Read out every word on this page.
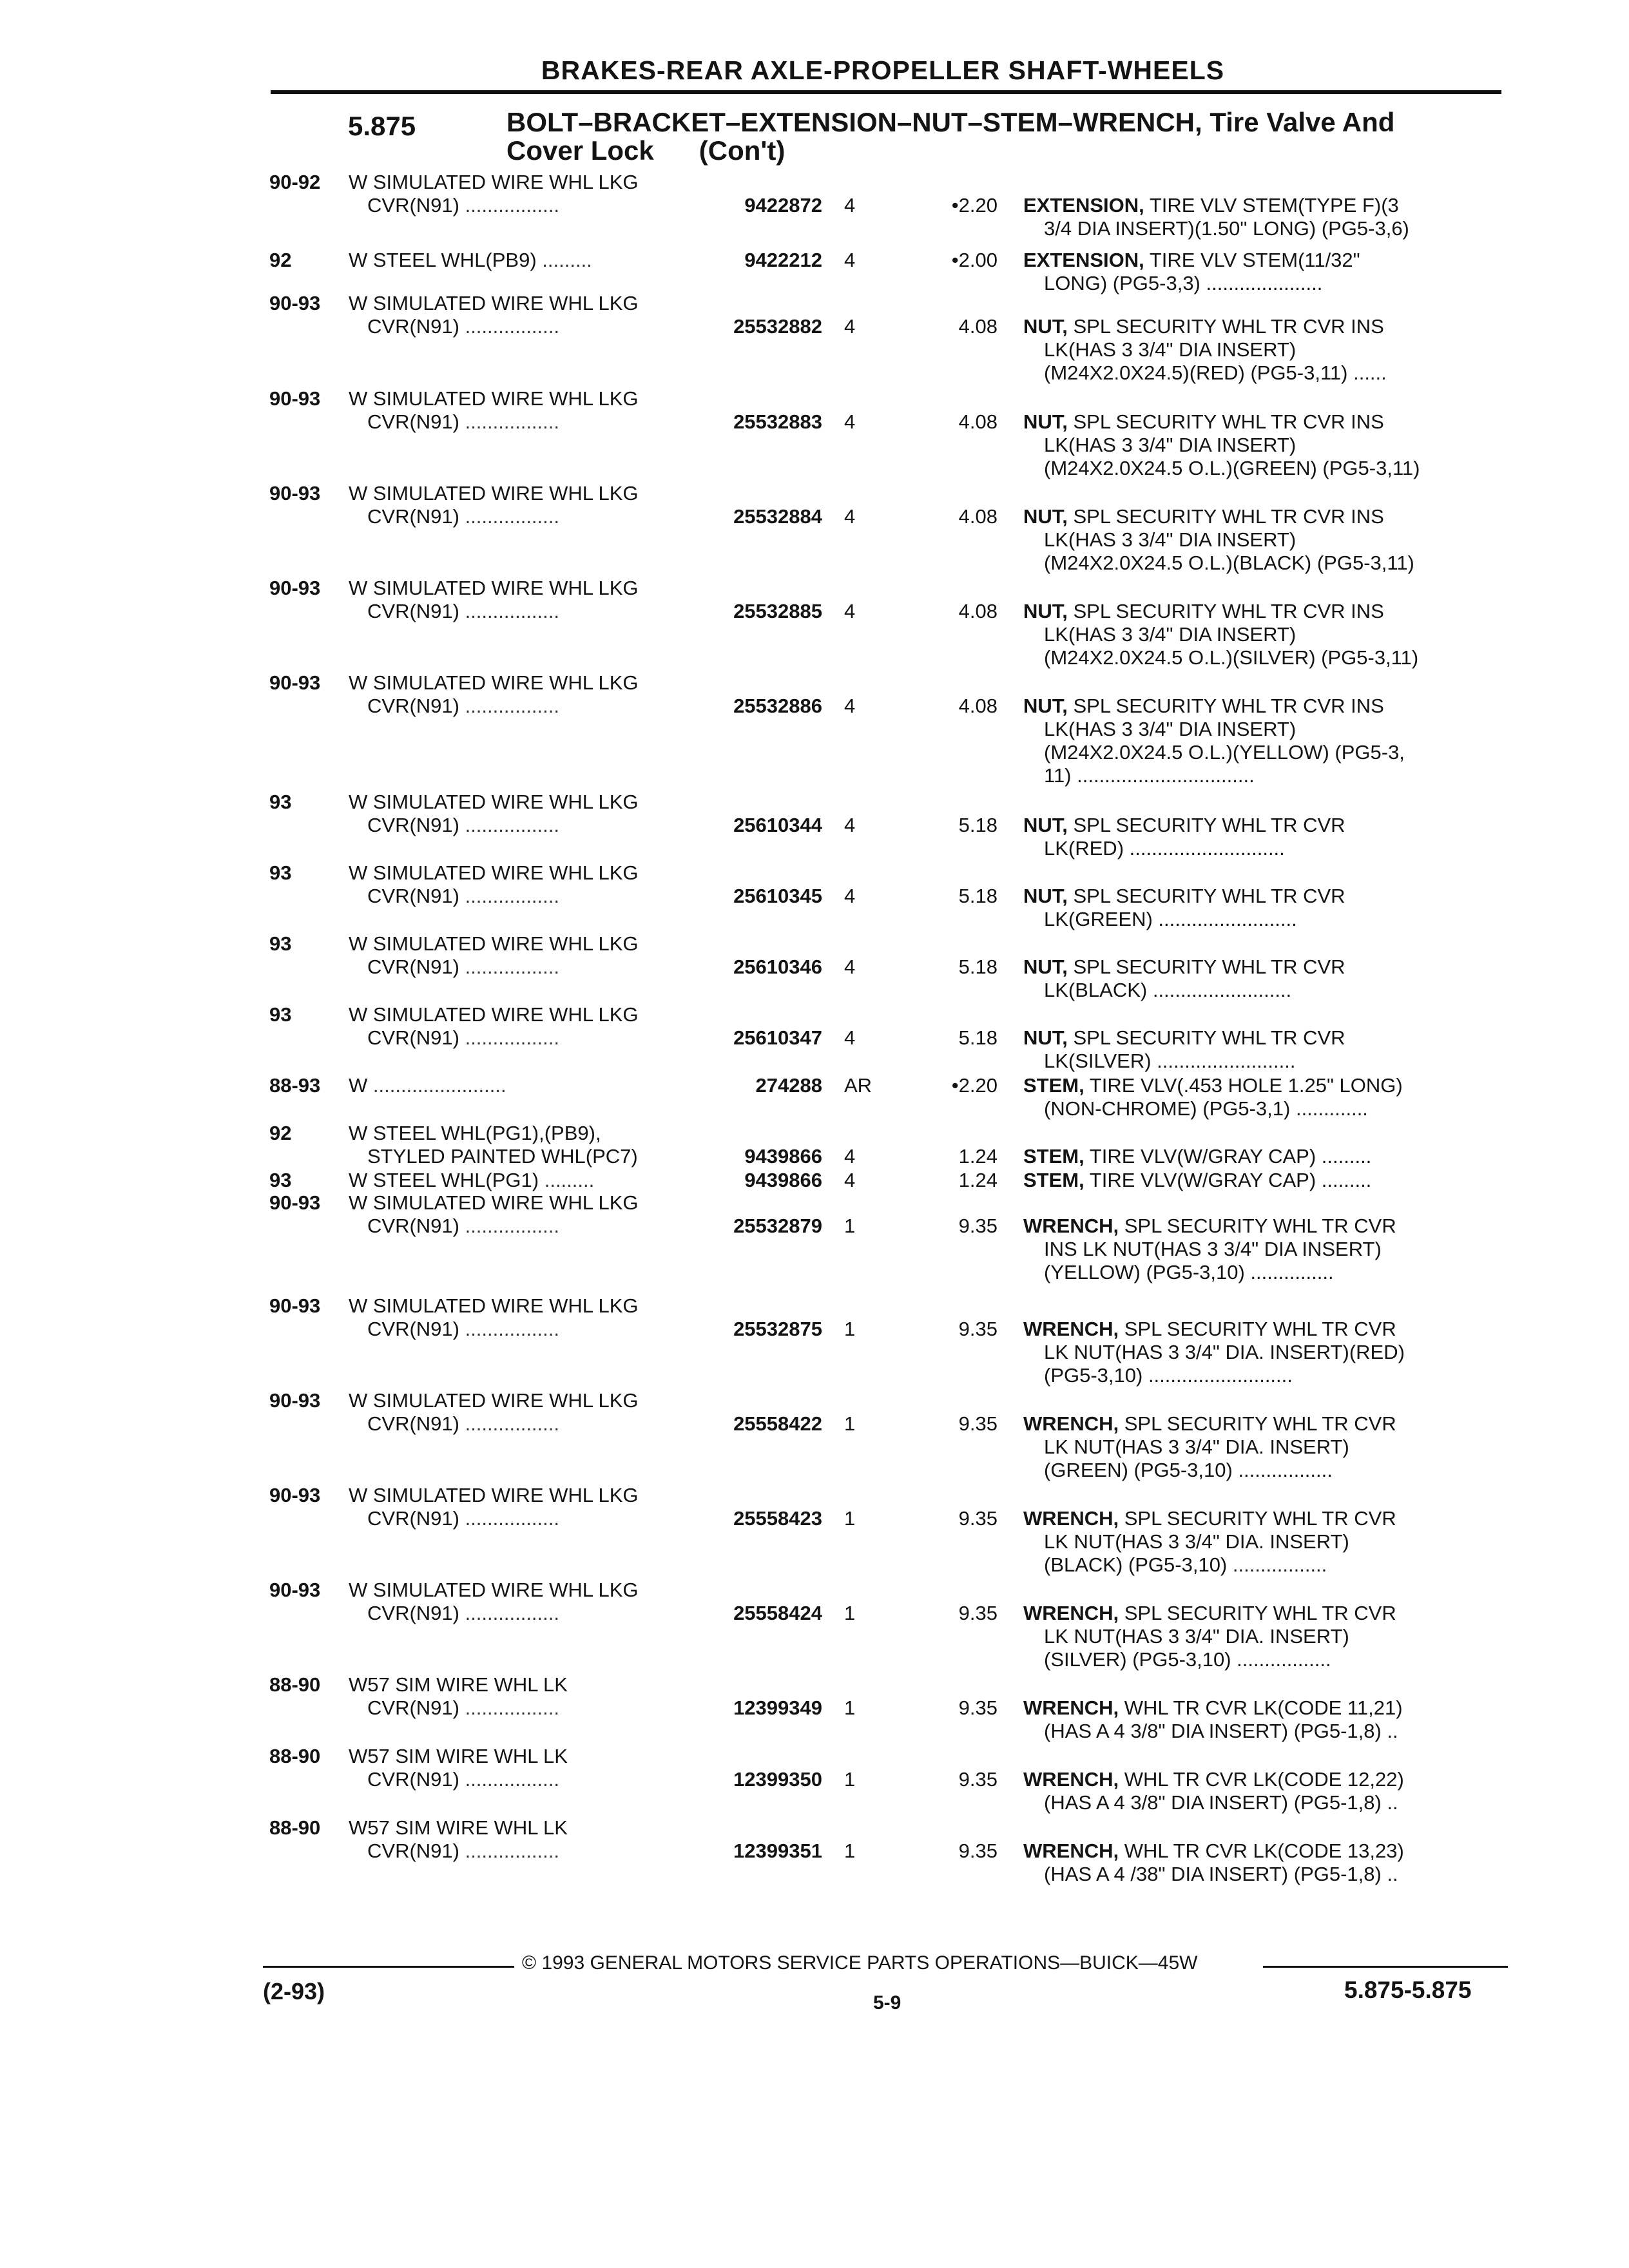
BRAKES-REAR AXLE-PROPELLER SHAFT-WHEELS
5.875	BOLT–BRACKET–EXTENSION–NUT–STEM–WRENCH, Tire Valve And
Cover Lock (Con't)
90-92 W SIMULATED WIRE WHL LKG
CVR(N91) .................	9422872 4	•2.20 EXTENSION, TIRE VLV STEM(TYPE F)(3
3/4 DIA INSERT)(1.50" LONG) (PG5-3,6)
92	W STEEL WHL(PB9) .........	9422212 4	•2.00 EXTENSION, TIRE VLV STEM(11/32"
LONG) (PG5-3,3) .....................
90-93 W SIMULATED WIRE WHL LKG
CVR(N91) .................	25532882 4	4.08 NUT, SPL SECURITY WHL TR CVR INS
LK(HAS 3 3/4" DIA INSERT)
(M24X2.0X24.5)(RED) (PG5-3,11) ......
90-93 W SIMULATED WIRE WHL LKG
CVR(N91) .................	25532883 4	4.08 NUT, SPL SECURITY WHL TR CVR INS
LK(HAS 3 3/4" DIA INSERT)
(M24X2.0X24.5 O.L.)(GREEN) (PG5-3,11)
90-93 W SIMULATED WIRE WHL LKG
CVR(N91) .................	25532884 4	4.08 NUT, SPL SECURITY WHL TR CVR INS
LK(HAS 3 3/4" DIA INSERT)
(M24X2.0X24.5 O.L.)(BLACK) (PG5-3,11)
90-93 W SIMULATED WIRE WHL LKG
CVR(N91) .................	25532885 4	4.08 NUT, SPL SECURITY WHL TR CVR INS
LK(HAS 3 3/4" DIA INSERT)
(M24X2.0X24.5 O.L.)(SILVER) (PG5-3,11)
90-93 W SIMULATED WIRE WHL LKG
CVR(N91) .................	25532886 4	4.08 NUT, SPL SECURITY WHL TR CVR INS
LK(HAS 3 3/4" DIA INSERT)
(M24X2.0X24.5 O.L.)(YELLOW) (PG5-3,
11) ................................
93	W SIMULATED WIRE WHL LKG
CVR(N91) .................	25610344 4	5.18 NUT, SPL SECURITY WHL TR CVR
LK(RED) ............................
93	W SIMULATED WIRE WHL LKG
CVR(N91) .................	25610345 4	5.18 NUT, SPL SECURITY WHL TR CVR
LK(GREEN) .........................
93	W SIMULATED WIRE WHL LKG
CVR(N91) .................	25610346 4	5.18 NUT, SPL SECURITY WHL TR CVR
LK(BLACK) .........................
93	W SIMULATED WIRE WHL LKG
CVR(N91) .................	25610347 4	5.18 NUT, SPL SECURITY WHL TR CVR
LK(SILVER) .........................
88-93 W ........................	274288 AR	•2.20 STEM, TIRE VLV(.453 HOLE 1.25" LONG)
(NON-CHROME) (PG5-3,1) .............
92	W STEEL WHL(PG1),(PB9),
STYLED PAINTED WHL(PC7)	9439866 4	1.24 STEM, TIRE VLV(W/GRAY CAP) .........
93	W STEEL WHL(PG1) .........	9439866 4	1.24 STEM, TIRE VLV(W/GRAY CAP) .........
90-93 W SIMULATED WIRE WHL LKG
CVR(N91) .................	25532879 1	9.35 WRENCH, SPL SECURITY WHL TR CVR
INS LK NUT(HAS 3 3/4" DIA INSERT)
(YELLOW) (PG5-3,10) ...............
90-93 W SIMULATED WIRE WHL LKG
CVR(N91) .................	25532875 1	9.35 WRENCH, SPL SECURITY WHL TR CVR
LK NUT(HAS 3 3/4" DIA. INSERT)(RED)
(PG5-3,10) ..........................
90-93 W SIMULATED WIRE WHL LKG
CVR(N91) .................	25558422 1	9.35 WRENCH, SPL SECURITY WHL TR CVR
LK NUT(HAS 3 3/4" DIA. INSERT)
(GREEN) (PG5-3,10) .................
90-93 W SIMULATED WIRE WHL LKG
CVR(N91) .................	25558423 1	9.35 WRENCH, SPL SECURITY WHL TR CVR
LK NUT(HAS 3 3/4" DIA. INSERT)
(BLACK) (PG5-3,10) .................
90-93 W SIMULATED WIRE WHL LKG
CVR(N91) .................	25558424 1	9.35 WRENCH, SPL SECURITY WHL TR CVR
LK NUT(HAS 3 3/4" DIA. INSERT)
(SILVER) (PG5-3,10) .................
88-90 W57 SIM WIRE WHL LK
CVR(N91) .................	12399349 1	9.35 WRENCH, WHL TR CVR LK(CODE 11,21)
(HAS A 4 3/8" DIA INSERT) (PG5-1,8) ..
88-90 W57 SIM WIRE WHL LK
CVR(N91) .................	12399350 1	9.35 WRENCH, WHL TR CVR LK(CODE 12,22)
(HAS A 4 3/8" DIA INSERT) (PG5-1,8) ..
88-90 W57 SIM WIRE WHL LK
CVR(N91) .................	12399351 1	9.35 WRENCH, WHL TR CVR LK(CODE 13,23)
(HAS A 4 /38" DIA INSERT) (PG5-1,8) ..
© 1993 GENERAL MOTORS SERVICE PARTS OPERATIONS—BUICK—45W
(2-93)	5-9	5.875-5.875
